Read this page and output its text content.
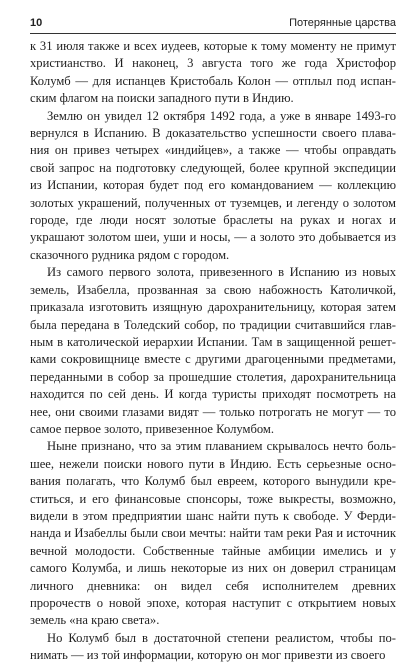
10	Потерянные царства

к 31 июля также и всех иудеев, которые к тому моменту не примут христианство. И наконец, 3 августа того же года Христофор Колумб — для испанцев Кристобаль Колон — отплыл под испанским флагом на поиски западного пути в Индию.

Землю он увидел 12 октября 1492 года, а уже в январе 1493-го вернулся в Испанию. В доказательство успешности своего плавания он привез четырех «индийцев», а также — чтобы оправдать свой запрос на подготовку следующей, более крупной экспедиции из Испании, которая будет под его командованием — коллекцию золотых украшений, полученных от туземцев, и легенду о золотом городе, где люди носят золотые браслеты на руках и ногах и украшают золотом шеи, уши и носы, — а золото это добывается из сказочного рудника рядом с городом.

Из самого первого золота, привезенного в Испанию из новых земель, Изабелла, прозванная за свою набожность Католичкой, приказала изготовить изящную дарохранительницу, которая затем была передана в Толедский собор, по традиции считавшийся главным в католической иерархии Испании. Там в защищенной решетками сокровищнице вместе с другими драгоценными предметами, переданными в собор за прошедшие столетия, дарохранительница находится по сей день. И когда туристы приходят посмотреть на нее, они своими глазами видят — только потрогать не могут — то самое первое золото, привезенное Колумбом.

Ныне признано, что за этим плаванием скрывалось нечто большее, нежели поиски нового пути в Индию. Есть серьезные основания полагать, что Колумб был евреем, которого вынудили креститься, и его финансовые спонсоры, тоже выкресты, возможно, видели в этом предприятии шанс найти путь к свободе. У Фердинанда и Изабеллы были свои мечты: найти там реки Рая и источник вечной молодости. Собственные тайные амбиции имелись и у самого Колумба, и лишь некоторые из них он доверил страницам личного дневника: он видел себя исполнителем древних пророчеств о новой эпохе, которая наступит с открытием новых земель «на краю света».

Но Колумб был в достаточной степени реалистом, чтобы понимать — из той информации, которую он мог привезти из своего
